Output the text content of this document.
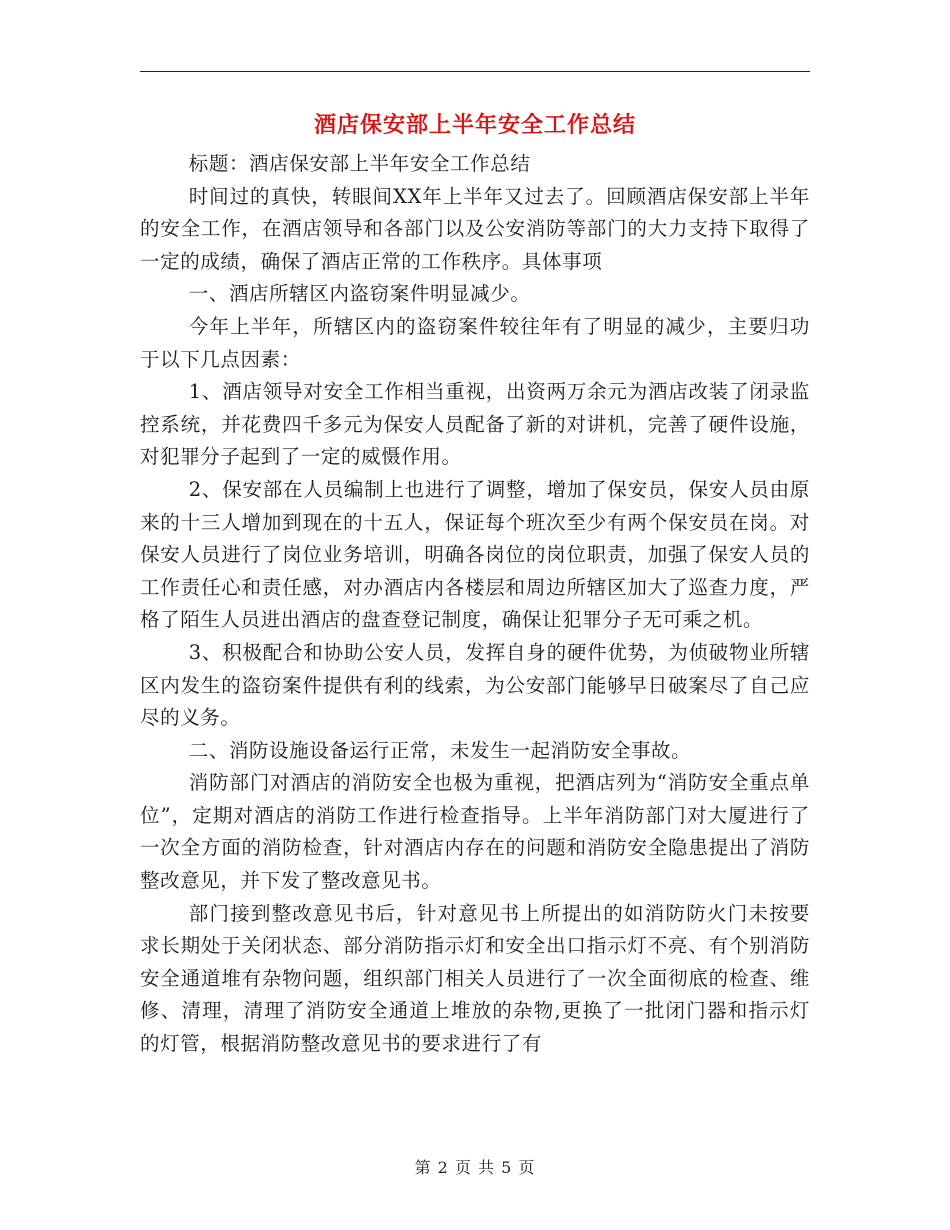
酒店保安部上半年安全工作总结

标题：酒店保安部上半年安全工作总结

时间过的真快，转眼间XX年上半年又过去了。回顾酒店保安部上半年的安全工作，在酒店领导和各部门以及公安消防等部门的大力支持下取得了一定的成绩，确保了酒店正常的工作秩序。具体事项

一、酒店所辖区内盗窃案件明显减少。

今年上半年，所辖区内的盗窃案件较往年有了明显的减少，主要归功于以下几点因素：

1、酒店领导对安全工作相当重视，出资两万余元为酒店改装了闭录监控系统，并花费四千多元为保安人员配备了新的对讲机，完善了硬件设施，对犯罪分子起到了一定的威慑作用。

2、保安部在人员编制上也进行了调整，增加了保安员，保安人员由原来的十三人增加到现在的十五人，保证每个班次至少有两个保安员在岗。对保安人员进行了岗位业务培训，明确各岗位的岗位职责，加强了保安人员的工作责任心和责任感，对办酒店内各楼层和周边所辖区加大了巡查力度，严格了陌生人员进出酒店的盘查登记制度，确保让犯罪分子无可乘之机。

3、积极配合和协助公安人员，发挥自身的硬件优势，为侦破物业所辖区内发生的盗窃案件提供有利的线索，为公安部门能够早日破案尽了自己应尽的义务。

二、消防设施设备运行正常，未发生一起消防安全事故。

消防部门对酒店的消防安全也极为重视，把酒店列为“消防安全重点单位”，定期对酒店的消防工作进行检查指导。上半年消防部门对大厦进行了一次全方面的消防检查，针对酒店内存在的问题和消防安全隐患提出了消防整改意见，并下发了整改意见书。

部门接到整改意见书后，针对意见书上所提出的如消防防火门未按要求长期处于关闭状态、部分消防指示灯和安全出口指示灯不亮、有个别消防安全通道堆有杂物问题，组织部门相关人员进行了一次全面彻底的检查、维修、清理，清理了消防安全通道上堆放的杂物,更换了一批闭门器和指示灯的灯管，根据消防整改意见书的要求进行了有

第 2 页 共 5 页
